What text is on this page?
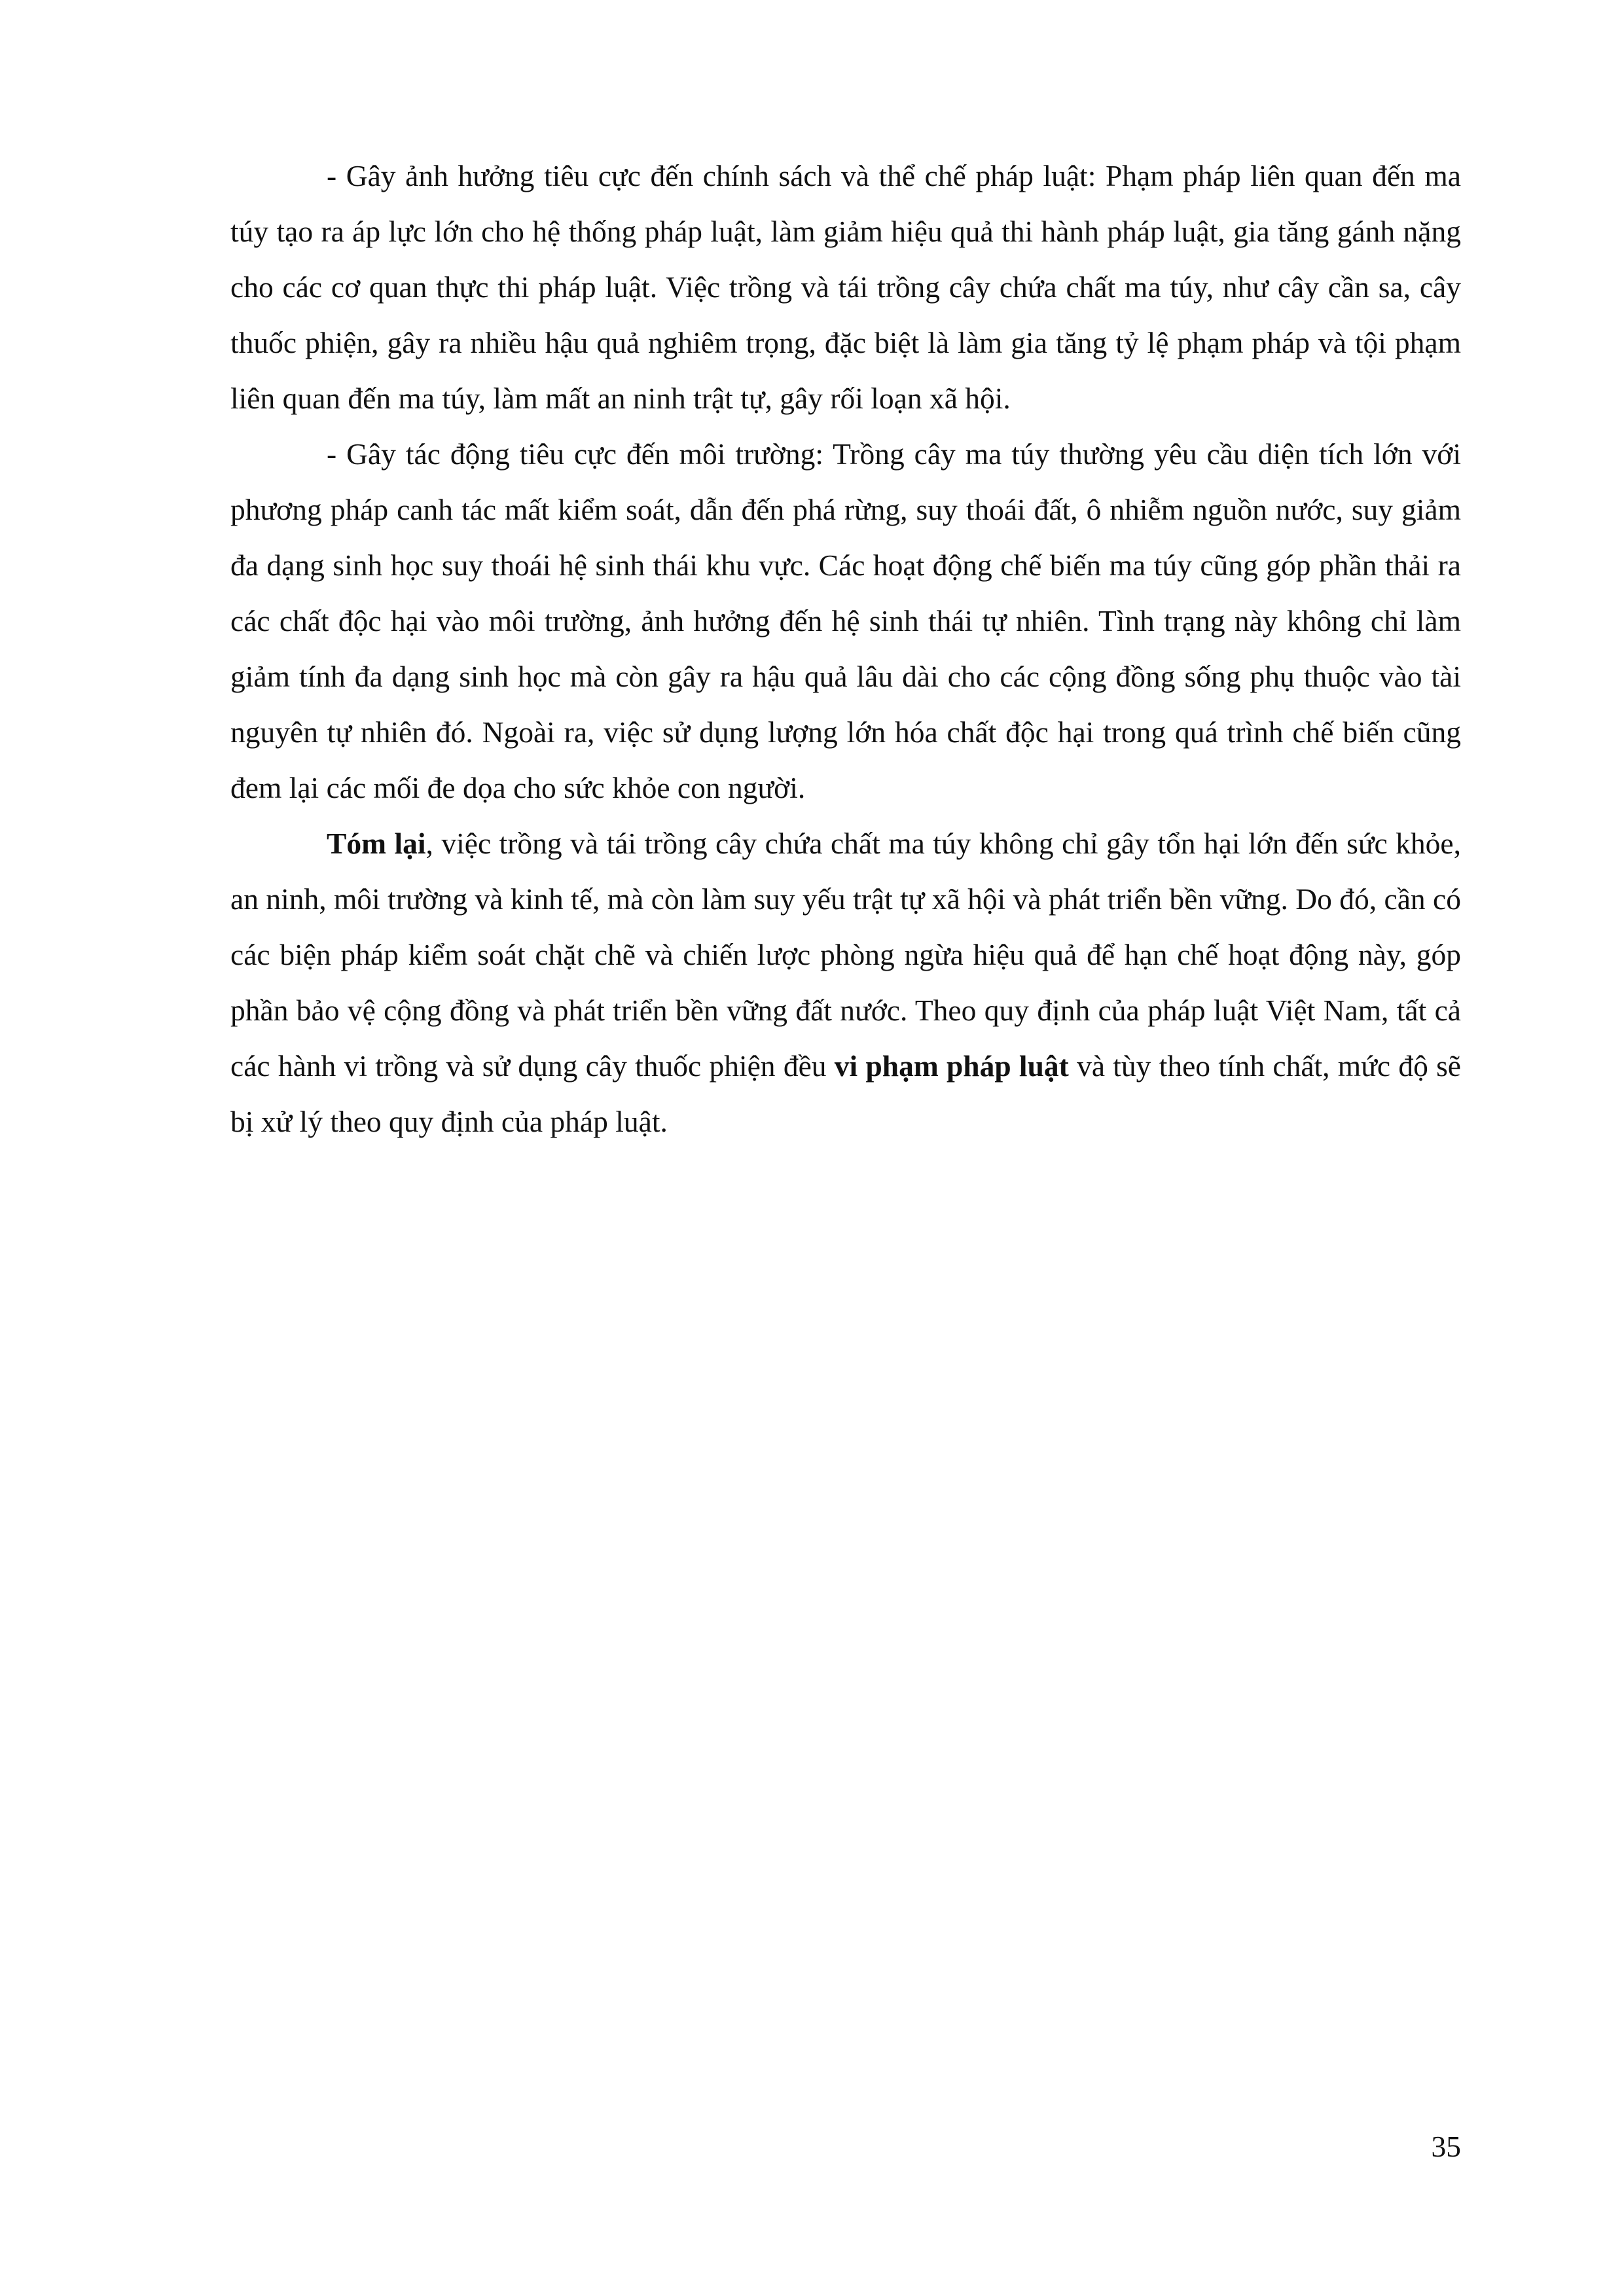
- Gây ảnh hưởng tiêu cực đến chính sách và thể chế pháp luật: Phạm pháp liên quan đến ma túy tạo ra áp lực lớn cho hệ thống pháp luật, làm giảm hiệu quả thi hành pháp luật, gia tăng gánh nặng cho các cơ quan thực thi pháp luật. Việc trồng và tái trồng cây chứa chất ma túy, như cây cần sa, cây thuốc phiện, gây ra nhiều hậu quả nghiêm trọng, đặc biệt là làm gia tăng tỷ lệ phạm pháp và tội phạm liên quan đến ma túy, làm mất an ninh trật tự, gây rối loạn xã hội.

- Gây tác động tiêu cực đến môi trường: Trồng cây ma túy thường yêu cầu diện tích lớn với phương pháp canh tác mất kiểm soát, dẫn đến phá rừng, suy thoái đất, ô nhiễm nguồn nước, suy giảm đa dạng sinh học suy thoái hệ sinh thái khu vực. Các hoạt động chế biến ma túy cũng góp phần thải ra các chất độc hại vào môi trường, ảnh hưởng đến hệ sinh thái tự nhiên. Tình trạng này không chỉ làm giảm tính đa dạng sinh học mà còn gây ra hậu quả lâu dài cho các cộng đồng sống phụ thuộc vào tài nguyên tự nhiên đó. Ngoài ra, việc sử dụng lượng lớn hóa chất độc hại trong quá trình chế biến cũng đem lại các mối đe dọa cho sức khỏe con người.

Tóm lại, việc trồng và tái trồng cây chứa chất ma túy không chỉ gây tổn hại lớn đến sức khỏe, an ninh, môi trường và kinh tế, mà còn làm suy yếu trật tự xã hội và phát triển bền vững. Do đó, cần có các biện pháp kiểm soát chặt chẽ và chiến lược phòng ngừa hiệu quả để hạn chế hoạt động này, góp phần bảo vệ cộng đồng và phát triển bền vững đất nước. Theo quy định của pháp luật Việt Nam, tất cả các hành vi trồng và sử dụng cây thuốc phiện đều vi phạm pháp luật và tùy theo tính chất, mức độ sẽ bị xử lý theo quy định của pháp luật.

35
